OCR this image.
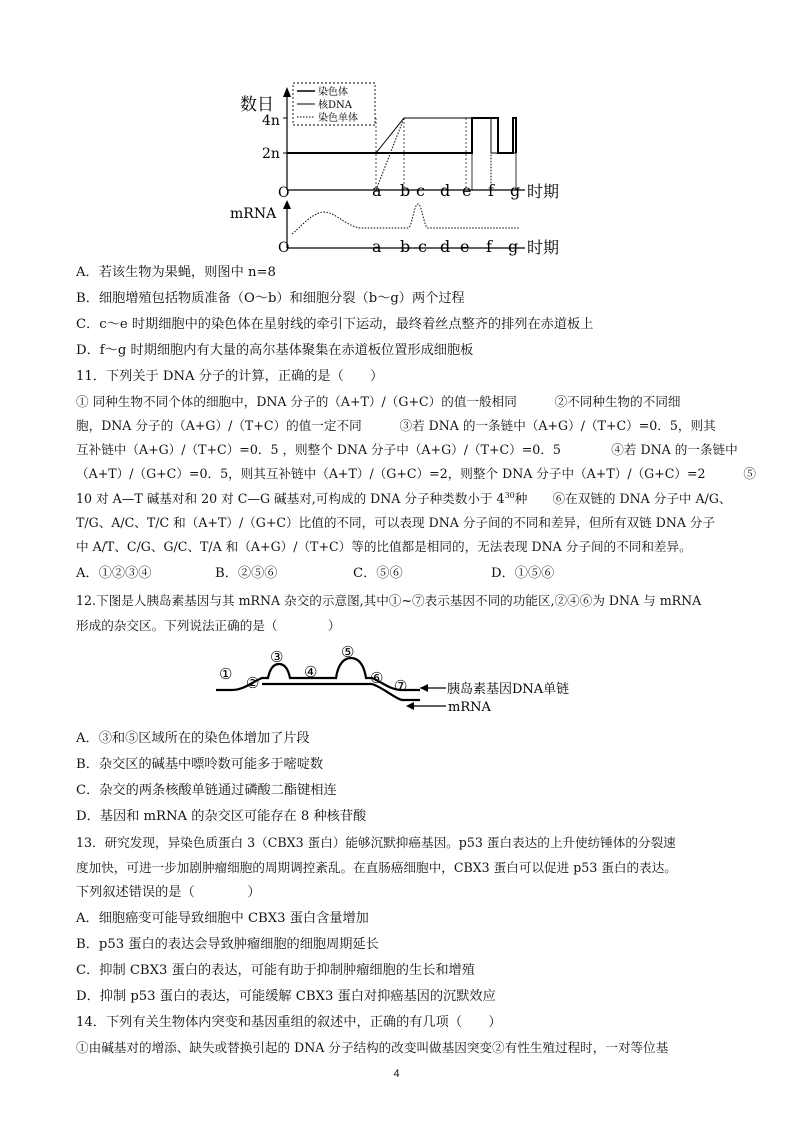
数日
4n
2n
O	a b c d e f g 时期
染色体
核DNA
染色单体
mRNA
O	a b c d e f g 时期
A．若该生物为果蝇，则图中 n=8
B．细胞增殖包括物质准备（O～b）和细胞分裂（b～g）两个过程
C．c～e 时期细胞中的染色体在星射线的牵引下运动，最终着丝点整齐的排列在赤道板上
D．f～g 时期细胞内有大量的高尔基体聚集在赤道板位置形成细胞板
11．下列关于 DNA 分子的计算，正确的是（　　）
① 同种生物不同个体的细胞中，DNA 分子的（A+T）/（G+C）的值一般相同　　　②不同种生物的不同细
胞，DNA 分子的（A+G）/（T+C）的值一定不同　　　③若 DNA 的一条链中（A+G）/（T+C）=0．5，则其
互补链中（A+G）/（T+C）=0．5 ，则整个 DNA 分子中（A+G）/（T+C）=0．5　　　　④若 DNA 的一条链中
（A+T）/（G+C）=0．5，则其互补链中（A+T）/（G+C）=2，则整个 DNA 分子中（A+T）/（G+C）=2　　　⑤
10 对 A—T 碱基对和 20 对 C—G 碱基对,可构成的 DNA 分子种类数小于 $4^{30}$种　　⑥在双链的 DNA 分子中 A/G、
T/G、A/C、T/C 和（A+T）/（G+C）比值的不同，可以表现 DNA 分子间的不同和差异，但所有双链 DNA 分子
中 A/T、C/G、G/C、T/A 和（A+G）/（T+C）等的比值都是相同的，无法表现 DNA 分子间的不同和差异。
A．①②③④	B．②⑤⑥	C．⑤⑥	D．①⑤⑥
12.下图是人胰岛素基因与其 mRNA 杂交的示意图,其中①~⑦表示基因不同的功能区,②④⑥为 DNA 与 mRNA
形成的杂交区。下列说法正确的是（　　　　）
胰岛素基因DNA单链
mRNA
① ②
③
④
⑤
⑥ ⑦
A．③和⑤区域所在的染色体增加了片段
B．杂交区的碱基中嘌呤数可能多于嘧啶数
C．杂交的两条核酸单链通过磷酸二酯键相连
D．基因和 mRNA 的杂交区可能存在 8 种核苷酸
13．研究发现，异染色质蛋白 3（CBX3 蛋白）能够沉默抑癌基因。p53 蛋白表达的上升使纺锤体的分裂速
度加快，可进一步加剧肿瘤细胞的周期调控紊乱。在直肠癌细胞中，CBX3 蛋白可以促进 p53 蛋白的表达。
下列叙述错误的是（　　　　）
A．细胞癌变可能导致细胞中 CBX3 蛋白含量增加
B．p53 蛋白的表达会导致肿瘤细胞的细胞周期延长
C．抑制 CBX3 蛋白的表达，可能有助于抑制肿瘤细胞的生长和增殖
D．抑制 p53 蛋白的表达，可能缓解 CBX3 蛋白对抑癌基因的沉默效应
14．下列有关生物体内突变和基因重组的叙述中，正确的有几项（　　）
①由碱基对的增添、缺失或替换引起的 DNA 分子结构的改变叫做基因突变②有性生殖过程时，一对等位基
4
